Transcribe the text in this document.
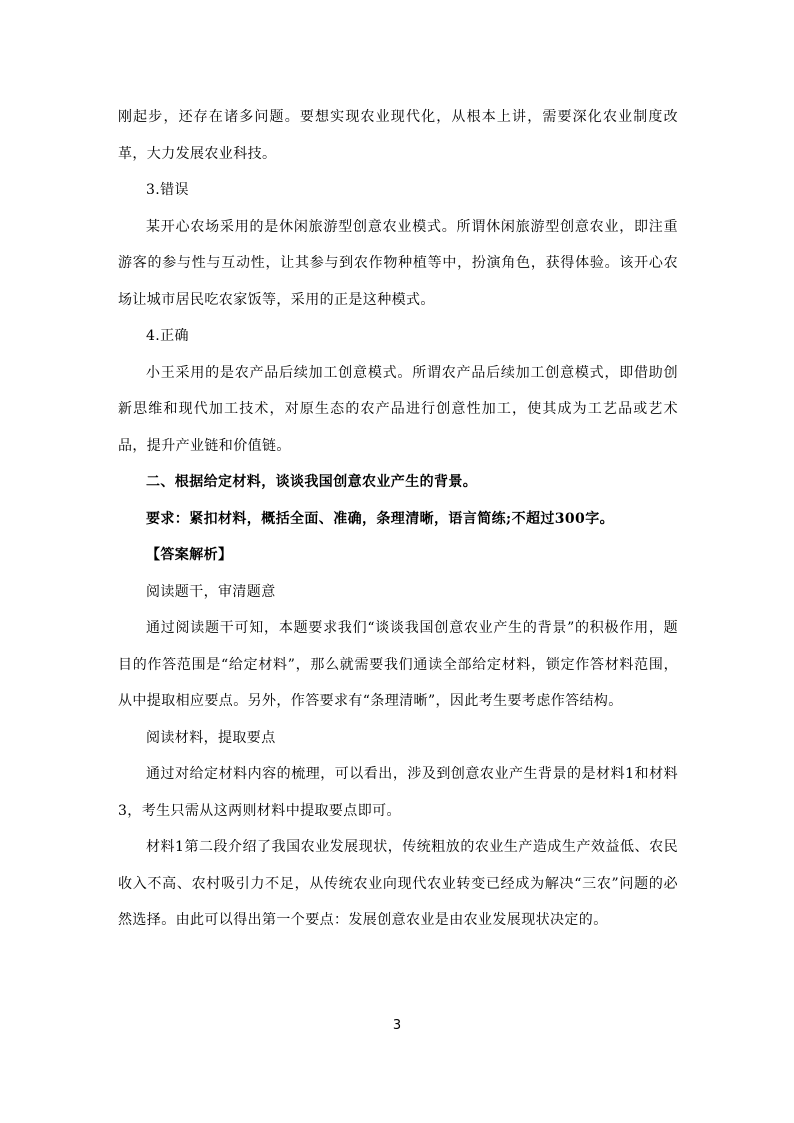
刚起步，还存在诸多问题。要想实现农业现代化，从根本上讲，需要深化农业制度改革，大力发展农业科技。

3.错误

某开心农场采用的是休闲旅游型创意农业模式。所谓休闲旅游型创意农业，即注重游客的参与性与互动性，让其参与到农作物种植等中，扮演角色，获得体验。该开心农场让城市居民吃农家饭等，采用的正是这种模式。

4.正确

小王采用的是农产品后续加工创意模式。所谓农产品后续加工创意模式，即借助创新思维和现代加工技术，对原生态的农产品进行创意性加工，使其成为工艺品或艺术品，提升产业链和价值链。

二、根据给定材料，谈谈我国创意农业产生的背景。

要求：紧扣材料，概括全面、准确，条理清晰，语言简练;不超过300字。

【答案解析】

阅读题干，审清题意

通过阅读题干可知，本题要求我们“谈谈我国创意农业产生的背景”的积极作用，题目的作答范围是“给定材料”，那么就需要我们通读全部给定材料，锁定作答材料范围，从中提取相应要点。另外，作答要求有“条理清晰”，因此考生要考虑作答结构。

阅读材料，提取要点

通过对给定材料内容的梳理，可以看出，涉及到创意农业产生背景的是材料1和材料3，考生只需从这两则材料中提取要点即可。

材料1第二段介绍了我国农业发展现状，传统粗放的农业生产造成生产效益低、农民收入不高、农村吸引力不足，从传统农业向现代农业转变已经成为解决“三农”问题的必然选择。由此可以得出第一个要点：发展创意农业是由农业发展现状决定的。

3
